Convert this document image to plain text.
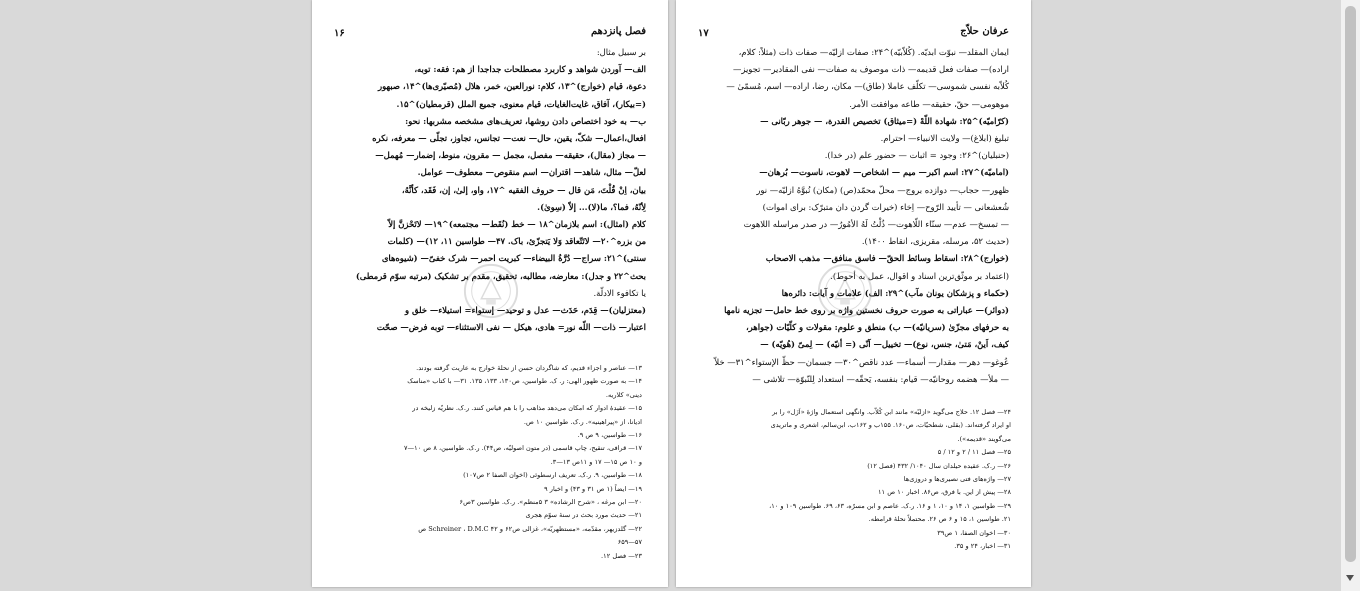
فصل پانزدهم
۱۶

بر سبیل مثال:

الف— آوردن شواهد و کاربرد مصطلحات جداجدا از هم: فقه: توبه،

دعوة، قیام (خوارج)^۱۳، کلام: نورالعین، خمر، هلال (مُصیّری‌ها)^۱۴، صبهور

(=بیکار)، آفاق، غایت‌الغایات، قیام معنوی، جمیع الملل (قرمطیان)^۱۵.

ب— به خود اختصاص دادن روشها، تعریف‌های مشخصه مشربها: نحو:

افعال،اعمال— شکّ، یقین، حال— نعت— تجانس، تجاوز، تجلّی — معرفه، نکره

— مجاز (مقال)، حقیقه— مفصل، مجمل — مقرون، منوط، إضمار— مُهمل—

لعلّ— مثال، شاهد— اقتران— اسم منقوص— معطوف— عوامل.

بیان، اِنْ قُلْتَ، مَن قال — حروف الفقیه ^۱۷، واو، إلیٰ، إن، فَقَد، کأنَّهُ،

لِأنّهُ، فما؟، ما(لا)... إلاّ (سِوىٰ).

کلام (امثال): اسم بلازمان^۱۸ — خط (نُقَط— مجتمعه)^۱۹— لاتَحْزنَّ إلاّ

من بزره^۲۰— لاتَتّعاقد وَلا یَتجزّئ، باک. ۴۷— طواسین ۱۱، ۱۲)— (کلمات

سنتی)^۲۱: سراج— دُرَّةُ البیضاء— کبریت احمر— شرک خفیّ— (شیوه‌های

بحث^۲۲ و جدل): معارضه، مطالبه، تحقیق، مقدم بر تشکیک (مرتبه سوّم قرمطی)

یا تکافوء الادلّة.

(معتزلیان)— قِدَم، حَدَث— عدل و توحید— إستواء= استیلاء— خلق و

اعتبار— ذات— اللّه نور= هادی، هیکل — نفی الاستثناء— توبه فرض— صحّت

۱۳— عناصر و اجزاء قدیم، که شاگردان حسن از نحلهٔ خوارج به عاریت گرفته بودند.

۱۴— به صورت ظهور الهی: ر. ک. طواسین، ص۱۳۰، ۱۳۳، ۱۳۵. ۳۱— با کتاب «مناسک

دینی» کلاریه.

۱۵— عقیدهٔ ادوار که امکان می‌دهد مذاهب را با هم قیاس کنند. ر.ک. نظریّه زلیخه در

ادیانا، از «پیراهینیه». ر.ک. طواسین ۱۰ ص.

۱۶— طواسین، ۹ ص ۹.

۱۷— قرافی، تنقیح، چاپ قاسمی (در متون اصولیّه، ص۴۴). ر.ک. طواسین، ۸ ص ۱۰—۷

و ۱۰ ص ۱۵— ۱۷ و ۱۱ص ۱۳—۳.

۱۸— طواسین، ۹. ر.ک. تعریف ارسطوئی (اخوان الصفا ۲ ص۱۰۷)

۱۹— ایضاً (۱ ص ۳۱ و ۴۳) و اخبار ۹

۲۰— ابن مرغه ، «شرح الرشاده» ۳ ۵منظم». ر.ک. طواسین ۳ص۶

۲۱— حدیث مورد بحث در سنهٔ سوّم هجری

۲۲— گلدزیهر، مقدّمه، «مستظهریّه»، غزالی ص۶۲ و Schreiner ، D.M.C ۴۲ ص

۵۷—۶۵۹

۲۳— فصل ۱۲.

عرفان حلاّج
۱۷

ایمان المقلد— نبوّت ابدیّه. (کُلاّبیّه)^۲۴: صفات ازلیّه— صفات ذات (مثلاً: کلام،

اراده)— صفات فعل قدیمه— ذات موصوف به صفات— نفی المقادیر— تجویز—

کُلاّبه نفسی شموسی— تکلّف عاملا (طاق)— مکان، رضا، اراده— اسم، مُسمّیٰ —

موهومی— حقّ، حقیقه— طاعه موافقت الأمر.

(کرّامیّه)^۲۵: شهادة اللّهْ (=میثاق) تخصیص القدرة، — جوهر ربّانی —

تبلیغ (ابلاغ)— ولایت الانبیاء— احترام.

(حنبلیان)^۲۶: وجود = اثبات — حضور علم (در خدا).

(امامیّه)^۲۷: اسم اکبر— میم — اشخاص— لاهوت، ناسوت— بُرهان—

ظهور— حجاب— دوازده بروج— محلّ محمّد(ص) (مکان) نُبوَّهُ ازلیّه— نور

شُعشعانی — تأیید الرّوح— اِخاء (خیرات گردن دان متبرّک: برای اموات)

— تمسخ— عدم— سنّاء اللّاهوت— ذُلْتُ لَهُ الأمُورُ— در صدر مراسله اللاهوت

(حدیث ۵۲، مرسله، مقریزی، انقاط ۱۴۰۰).

(خوارج)^۲۸: اسقاط وسائط الحقّ— فاسق منافق— مذهب الاصحاب

(اعتماد بر موثّق‌ترین اسناد و اقوال، عمل به أحوط).

(حکماء و پزشکان یونان مآب)^۲۹: الف) علامات و آیات: دائره‌ها

(دوائر)— عباراتی به صورت حروف نخستین واژه بر روی خط حامل— تجزیه نامها

به حرفهای مجزّیٰ (سریانیّه)— ب) منطق و علوم: مقولات و کلّیّات (جواهر،

کیف، اَینْ، مَتیٰ، جنس، نوع)— تخییل— آنّی (= أنیّه) — لِمیّ (هُویّه) —

عُوغو— دهر— مقدار— أسماء— عدد ناقص^۳۰— جسمان— حظّ الإستواء^۳۱— خلاّ

— ملأ— هضمه روحانیّه— قیام: بنفسه، یَحقّه— استعداد لِلنّبوّة— تلاشی —

۲۴— فصل ۱۲. حلاج می‌گوید «ازلیّه» مانند ابن کُلاّب. وانگهی استعمال واژهٔ «اَزَل» را بر

او ایراد گرفته‌اند. (بقلی، شطحیّات، ص۱۶۰. ۱۵۵ب و ۱۶۲ب، ابن‌سالم، اشعری و ماتریدی

می‌گویند «قدیمه»).

۲۵— فصل ۱۱ / ۲ و ۱۲ / ۵

۲۶— ر.ک. عقیده حیلدان سال ۱۰۴۰/ ۴۳۲ (فصل ۱۲)

۲۷— واژه‌های فتی نصیری‌ها و دروزی‌ها

۲۸— پیش از این. با فرق، ص۸۶. اخبار ۱۰ ص ۱۱

۲۹— طواسین ۱، ۱۴ و ۱۰، ۱ و ۱۶. ر.ک. عاصم و ابن مسرّه، ۶۳، ۶۹. طواسین ۱۰۹ و ۱۰،

۲۱. طواسین ۱، ۱۵ و ۶ ص ۲۶. محتملاً نحلهٔ قرامطه.

۳۰— اخوان الصفا، ۱ ص۳۹

۳۱— اخبار، ۲۴ و ۳۵.
